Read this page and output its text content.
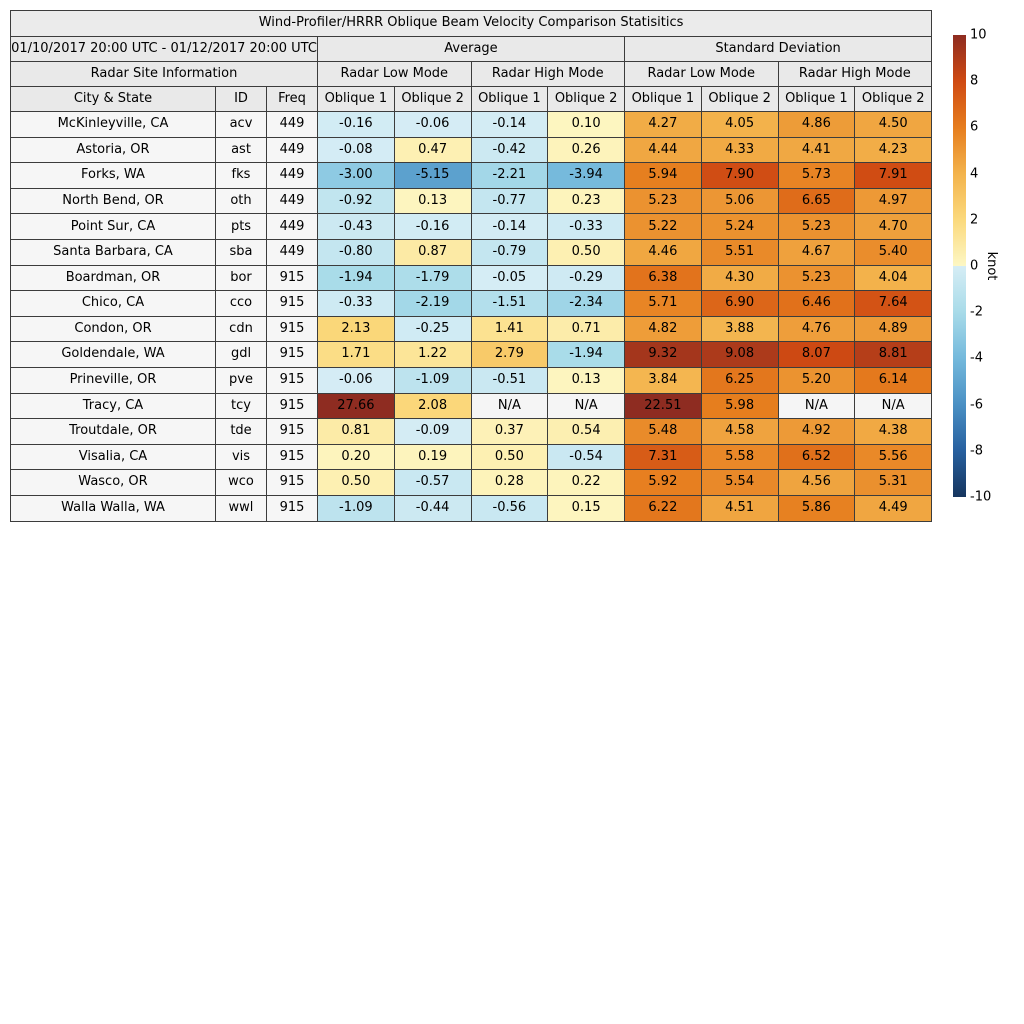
Wind-Profiler/HRRR Oblique Beam Velocity Comparison Statisitics										
01/10/2017 20:00 UTC - 01/12/2017 20:00 UTC			Average				Standard Deviation			
Radar Site Information			Radar Low Mode		Radar High Mode		Radar Low Mode		Radar High Mode	
City & State	ID	Freq	Oblique 1	Oblique 2	Oblique 1	Oblique 2	Oblique 1	Oblique 2	Oblique 1	Oblique 2
McKinleyville, CA	acv	449	-0.16	-0.06	-0.14	0.10	4.27	4.05	4.86	4.50
Astoria, OR	ast	449	-0.08	0.47	-0.42	0.26	4.44	4.33	4.41	4.23
Forks, WA	fks	449	-3.00	-5.15	-2.21	-3.94	5.94	7.90	5.73	7.91
North Bend, OR	oth	449	-0.92	0.13	-0.77	0.23	5.23	5.06	6.65	4.97
Point Sur, CA	pts	449	-0.43	-0.16	-0.14	-0.33	5.22	5.24	5.23	4.70
Santa Barbara, CA	sba	449	-0.80	0.87	-0.79	0.50	4.46	5.51	4.67	5.40
Boardman, OR	bor	915	-1.94	-1.79	-0.05	-0.29	6.38	4.30	5.23	4.04
Chico, CA	cco	915	-0.33	-2.19	-1.51	-2.34	5.71	6.90	6.46	7.64
Condon, OR	cdn	915	2.13	-0.25	1.41	0.71	4.82	3.88	4.76	4.89
Goldendale, WA	gdl	915	1.71	1.22	2.79	-1.94	9.32	9.08	8.07	8.81
Prineville, OR	pve	915	-0.06	-1.09	-0.51	0.13	3.84	6.25	5.20	6.14
Tracy, CA	tcy	915	27.66	2.08	N/A	N/A	22.51	5.98	N/A	N/A
Troutdale, OR	tde	915	0.81	-0.09	0.37	0.54	5.48	4.58	4.92	4.38
Visalia, CA	vis	915	0.20	0.19	0.50	-0.54	7.31	5.58	6.52	5.56
Wasco, OR	wco	915	0.50	-0.57	0.28	0.22	5.92	5.54	4.56	5.31
Walla Walla, WA	wwl	915	-1.09	-0.44	-0.56	0.15	6.22	4.51	5.86	4.49
10
8
6
4
2
0
-2
-4
-6
-8
-10
knot
